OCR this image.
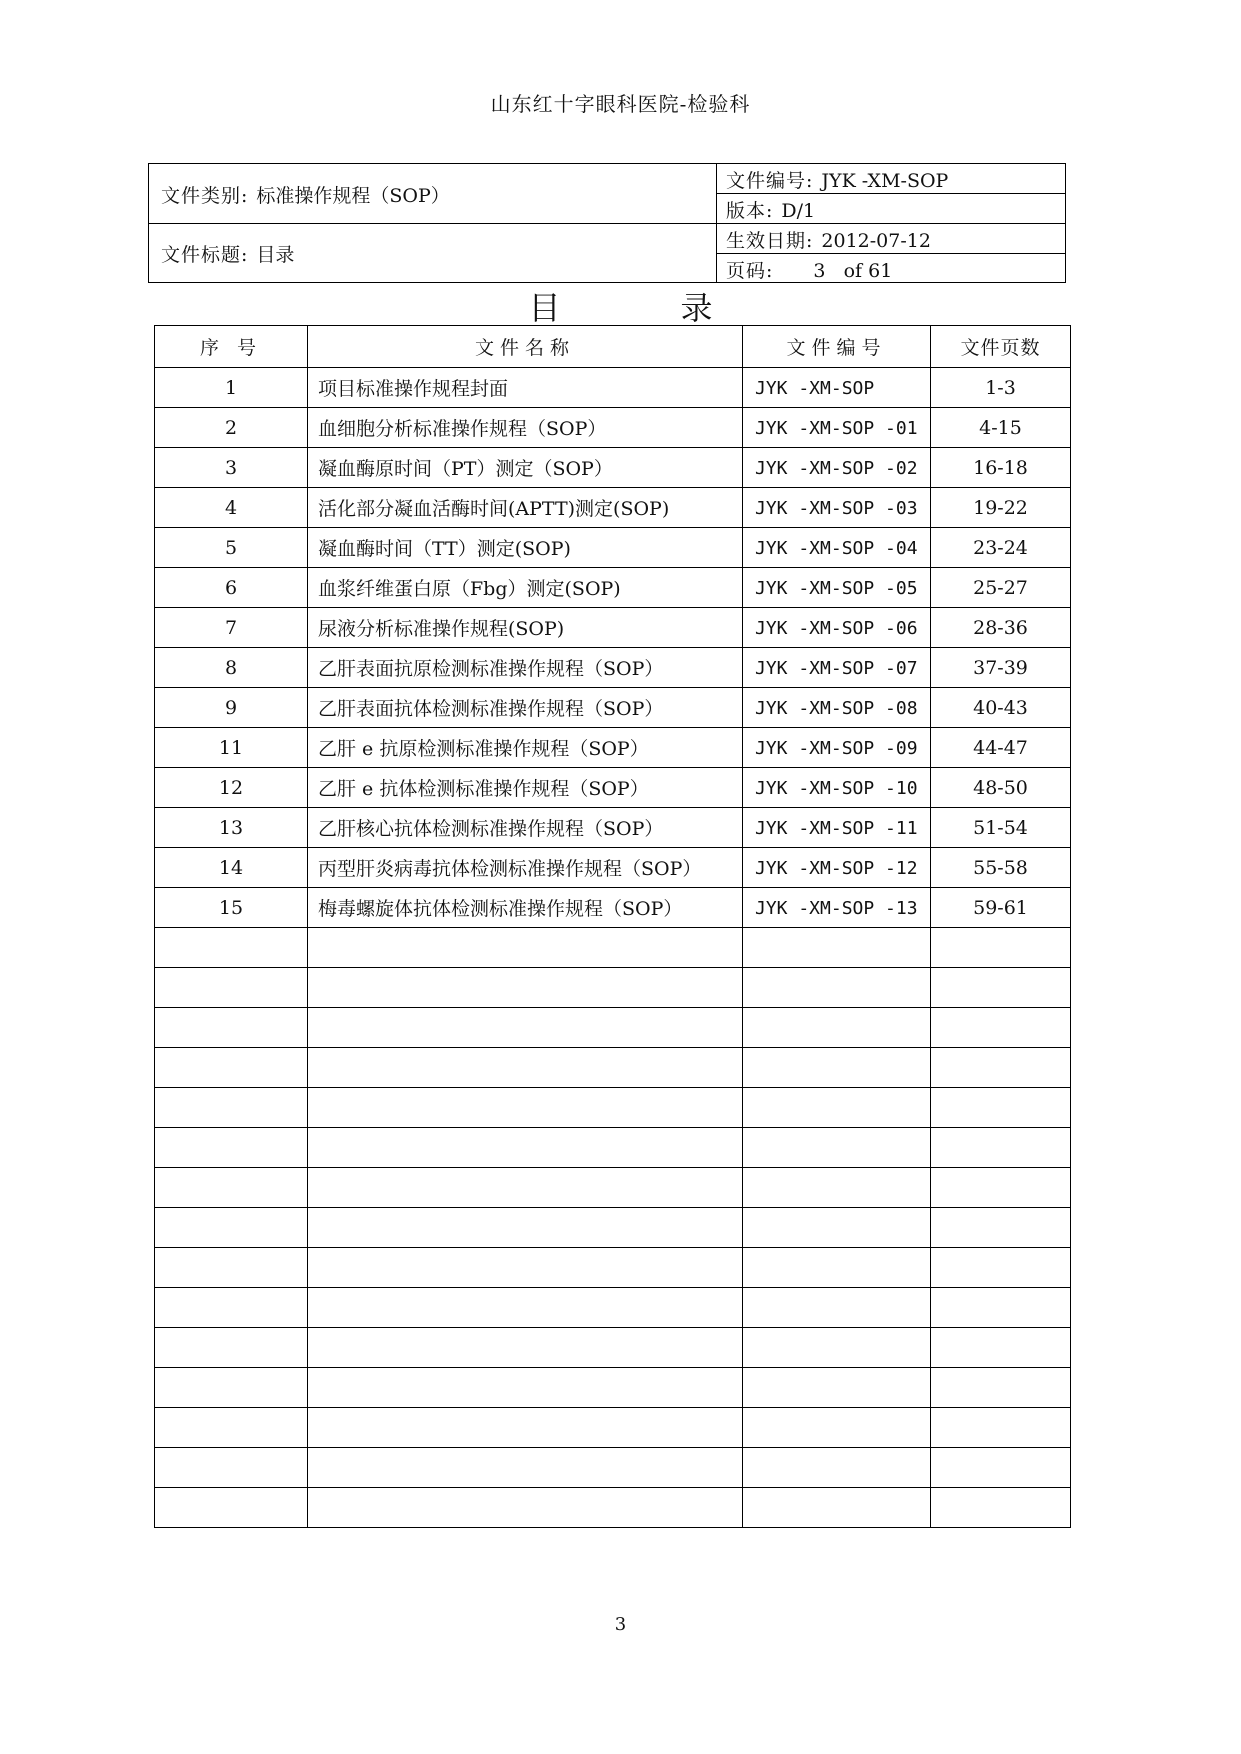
山东红十字眼科医院-检验科
文件类别: 标准操作规程（SOP）
文件标题: 目录
文件编号: JYK -XM-SOP
版本: D/1
生效日期: 2012-07-12
页码: 3   of 61
目录
序 号	文件名称	文件编号	文件页数
1	项目标准操作规程封面	JYK -XM-SOP	1-3
2	血细胞分析标准操作规程（SOP）	JYK -XM-SOP -01	4-15
3	凝血酶原时间（PT）测定（SOP）	JYK -XM-SOP -02	16-18
4	活化部分凝血活酶时间(APTT)测定(SOP)	JYK -XM-SOP -03	19-22
5	凝血酶时间（TT）测定(SOP)	JYK -XM-SOP -04	23-24
6	血浆纤维蛋白原（Fbg）测定(SOP)	JYK -XM-SOP -05	25-27
7	尿液分析标准操作规程(SOP)	JYK -XM-SOP -06	28-36
8	乙肝表面抗原检测标准操作规程（SOP）	JYK -XM-SOP -07	37-39
9	乙肝表面抗体检测标准操作规程（SOP）	JYK -XM-SOP -08	40-43
11	乙肝 e 抗原检测标准操作规程（SOP）	JYK -XM-SOP -09	44-47
12	乙肝 e 抗体检测标准操作规程（SOP）	JYK -XM-SOP -10	48-50
13	乙肝核心抗体检测标准操作规程（SOP）	JYK -XM-SOP -11	51-54
14	丙型肝炎病毒抗体检测标准操作规程（SOP）	JYK -XM-SOP -12	55-58
15	梅毒螺旋体抗体检测标准操作规程（SOP）	JYK -XM-SOP -13	59-61

3
